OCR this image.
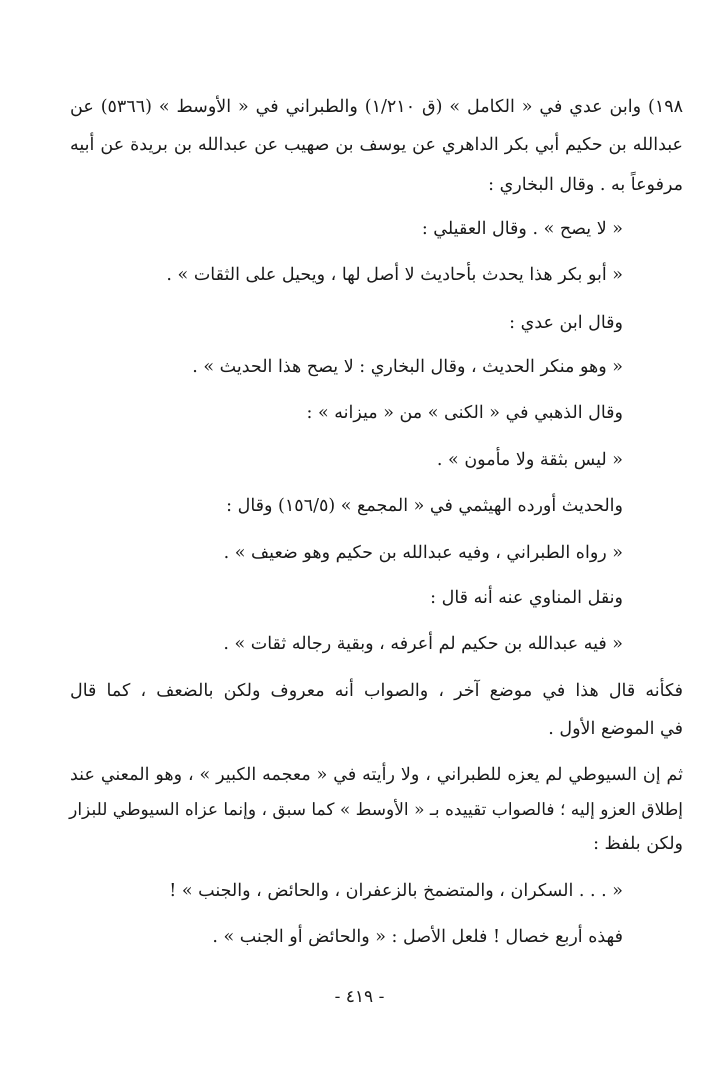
١٩٨) وابن عدي في « الكامل » (ق ١/٢١٠) والطبراني في « الأوسط » (٥٣٦٦) عن
عبدالله بن حكيم أبي بكر الداهري عن يوسف بن صهيب عن عبدالله بن بريدة عن أبيه
مرفوعاً به . وقال البخاري :
« لا يصح » . وقال العقيلي :
« أبو بكر هذا يحدث بأحاديث لا أصل لها ، ويحيل على الثقات » .
وقال ابن عدي :
« وهو منكر الحديث ، وقال البخاري : لا يصح هذا الحديث » .
وقال الذهبي في « الكنى » من « ميزانه » :
« ليس بثقة ولا مأمون » .
والحديث أورده الهيثمي في « المجمع » (١٥٦/٥) وقال :
« رواه الطبراني ، وفيه عبدالله بن حكيم وهو ضعيف » .
ونقل المناوي عنه أنه قال :
« فيه عبدالله بن حكيم لم أعرفه ، وبقية رجاله ثقات » .
فكأنه قال هذا في موضع آخر ، والصواب أنه معروف ولكن بالضعف ، كما قال
في الموضع الأول .
ثم إن السيوطي لم يعزه للطبراني ، ولا رأيته في « معجمه الكبير » ، وهو المعني عند
إطلاق العزو إليه ؛ فالصواب تقييده بـ « الأوسط » كما سبق ، وإنما عزاه السيوطي للبزار
ولكن بلفظ :
« . . . السكران ، والمتضمخ بالزعفران ، والحائض ، والجنب » !
فهذه أربع خصال ! فلعل الأصل : « والحائض أو الجنب » .
- ٤١٩ -
